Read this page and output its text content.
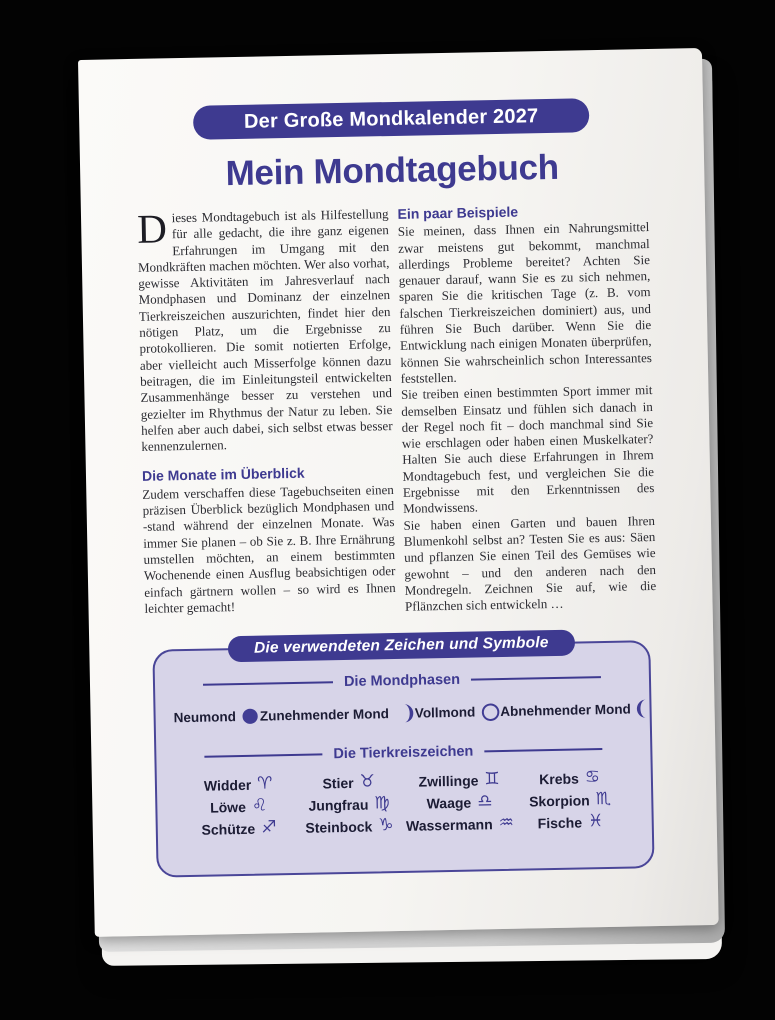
Der Große Mondkalender 2027
Mein Mondtagebuch

Dieses Mondtagebuch ist als Hilfestellung für alle gedacht, die ihre ganz eigenen Erfahrungen im Umgang mit den Mondkräften machen möchten. Wer also vorhat, gewisse Aktivitäten im Jahresverlauf nach Mondphasen und Dominanz der einzelnen Tierkreiszeichen auszurichten, findet hier den nötigen Platz, um die Ergebnisse zu protokollieren. Die somit notierten Erfolge, aber vielleicht auch Misserfolge können dazu beitragen, die im Einleitungsteil entwickelten Zusammenhänge besser zu verstehen und gezielter im Rhythmus der Natur zu leben. Sie helfen aber auch dabei, sich selbst etwas besser kennenzulernen.

Die Monate im Überblick

Zudem verschaffen diese Tagebuchseiten einen präzisen Überblick bezüglich Mondphasen und -stand während der einzelnen Monate. Was immer Sie planen – ob Sie z. B. Ihre Ernährung umstellen möchten, an einem bestimmten Wochenende einen Ausflug beabsichtigen oder einfach gärtnern wollen – so wird es Ihnen leichter gemacht!

Ein paar Beispiele

Sie meinen, dass Ihnen ein Nahrungsmittel zwar meistens gut bekommt, manchmal allerdings Probleme bereitet? Achten Sie genauer darauf, wann Sie es zu sich nehmen, sparen Sie die kritischen Tage (z. B. vom falschen Tierkreiszeichen dominiert) aus, und führen Sie Buch darüber. Wenn Sie die Entwicklung nach einigen Monaten überprüfen, können Sie wahrscheinlich schon Interessantes feststellen.

Sie treiben einen bestimmten Sport immer mit demselben Einsatz und fühlen sich danach in der Regel noch fit – doch manchmal sind Sie wie erschlagen oder haben einen Muskelkater? Halten Sie auch diese Erfahrungen in Ihrem Mondtagebuch fest, und vergleichen Sie die Ergebnisse mit den Erkenntnissen des Mondwissens.

Sie haben einen Garten und bauen Ihren Blumenkohl selbst an? Testen Sie es aus: Säen und pflanzen Sie einen Teil des Gemüses wie gewohnt – und den anderen nach den Mondregeln. Zeichnen Sie auf, wie die Pflänzchen sich entwickeln …

Die verwendeten Zeichen und Symbole
Die Mondphasen
Neumond Zunehmender Mond Vollmond Abnehmender Mond
Die Tierkreiszeichen
Widder ♈	Stier ♉	Zwillinge ♊	Krebs ♋
Löwe ♌	Jungfrau ♍	Waage ♎	Skorpion ♏
Schütze ♐ Steinbock ♑ Wassermann ♒ Fische ♓
